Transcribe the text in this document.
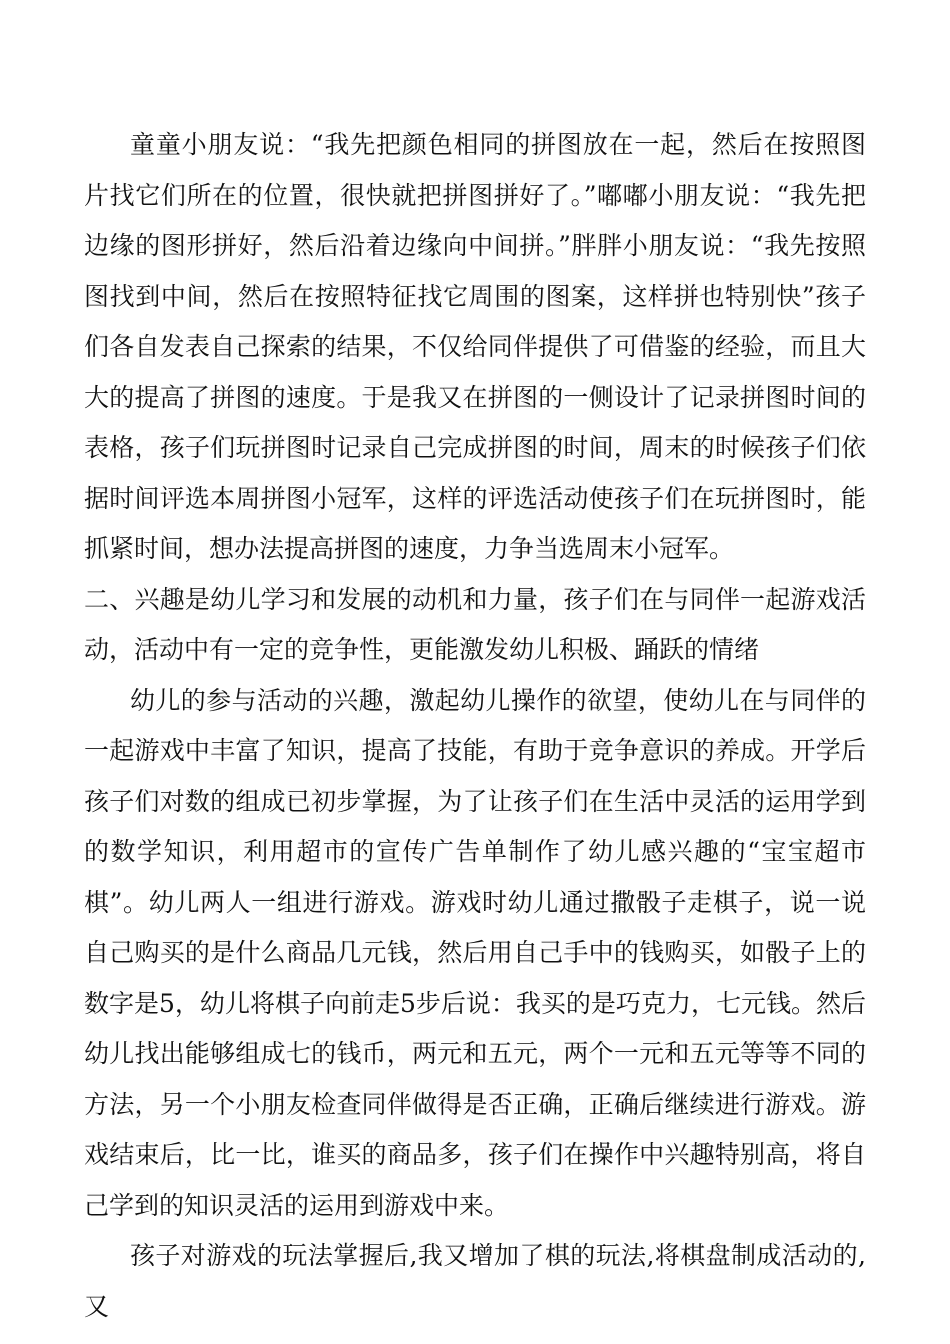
童童小朋友说：“我先把颜色相同的拼图放在一起，然后在按照图片找它们所在的位置，很快就把拼图拼好了。”嘟嘟小朋友说：“我先把边缘的图形拼好，然后沿着边缘向中间拼。”胖胖小朋友说：“我先按照图找到中间，然后在按照特征找它周围的图案，这样拼也特别快”孩子们各自发表自己探索的结果，不仅给同伴提供了可借鉴的经验，而且大大的提高了拼图的速度。于是我又在拼图的一侧设计了记录拼图时间的表格，孩子们玩拼图时记录自己完成拼图的时间，周末的时候孩子们依据时间评选本周拼图小冠军，这样的评选活动使孩子们在玩拼图时，能抓紧时间，想办法提高拼图的速度，力争当选周末小冠军。

二、兴趣是幼儿学习和发展的动机和力量，孩子们在与同伴一起游戏活动，活动中有一定的竞争性，更能激发幼儿积极、踊跃的情绪

幼儿的参与活动的兴趣，激起幼儿操作的欲望，使幼儿在与同伴的一起游戏中丰富了知识，提高了技能，有助于竞争意识的养成。开学后孩子们对数的组成已初步掌握，为了让孩子们在生活中灵活的运用学到的数学知识，利用超市的宣传广告单制作了幼儿感兴趣的“宝宝超市棋”。幼儿两人一组进行游戏。游戏时幼儿通过撒骰子走棋子，说一说自己购买的是什么商品几元钱，然后用自己手中的钱购买，如骰子上的数字是5，幼儿将棋子向前走5步后说：我买的是巧克力，七元钱。然后幼儿找出能够组成七的钱币，两元和五元，两个一元和五元等等不同的方法，另一个小朋友检查同伴做得是否正确，正确后继续进行游戏。游戏结束后，比一比，谁买的商品多，孩子们在操作中兴趣特别高，将自己学到的知识灵活的运用到游戏中来。

孩子对游戏的玩法掌握后,我又增加了棋的玩法,将棋盘制成活动的,又
